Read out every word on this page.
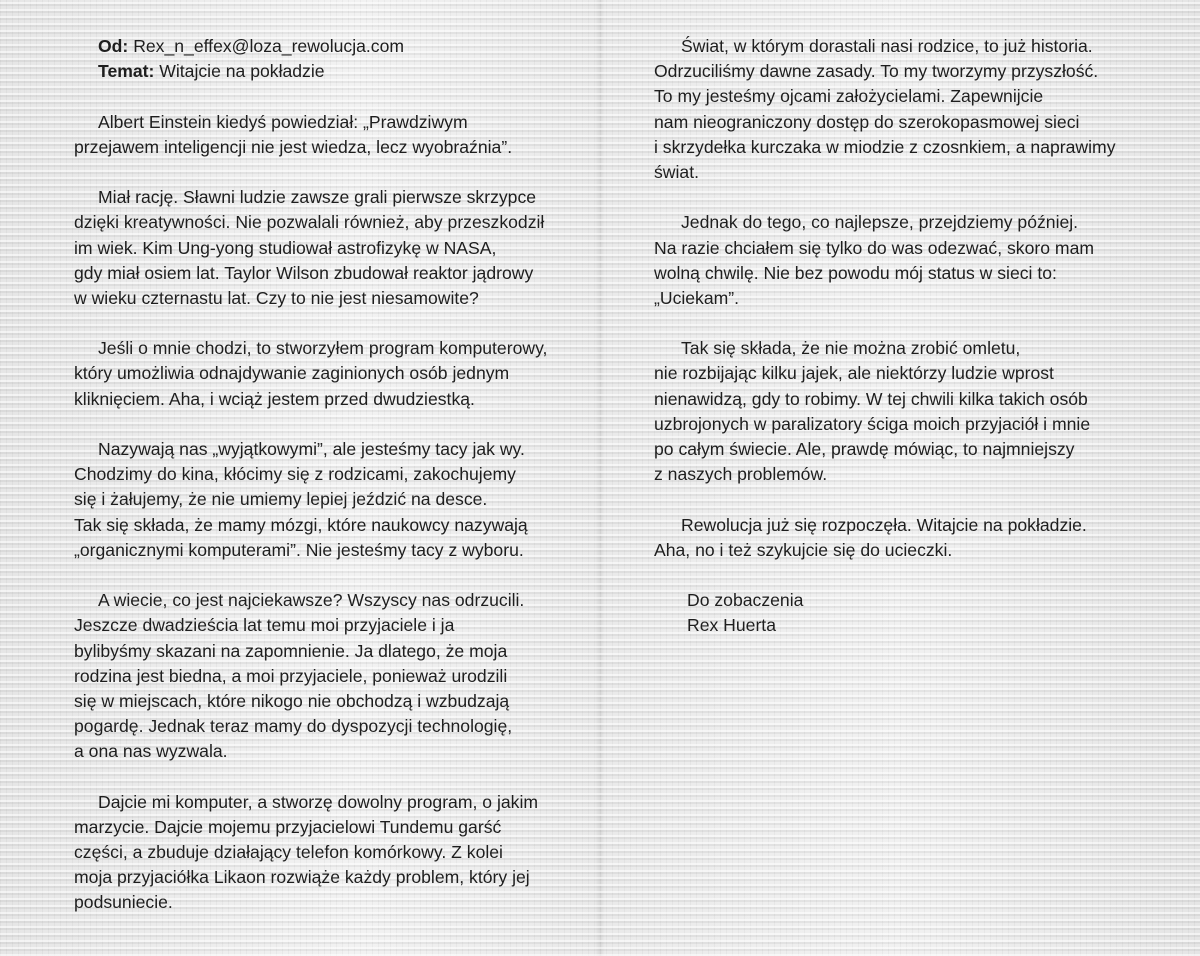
Od: Rex_n_effex@loza_rewolucja.com
Temat: Witajcie na pokładzie
Albert Einstein kiedyś powiedział: „Prawdziwym
przejawem inteligencji nie jest wiedza, lecz wyobraźnia”.
Miał rację. Sławni ludzie zawsze grali pierwsze skrzypce
dzięki kreatywności. Nie pozwalali również, aby przeszkodził
im wiek. Kim Ung-yong studiował astrofizykę w NASA,
gdy miał osiem lat. Taylor Wilson zbudował reaktor jądrowy
w wieku czternastu lat. Czy to nie jest niesamowite?
Jeśli o mnie chodzi, to stworzyłem program komputerowy,
który umożliwia odnajdywanie zaginionych osób jednym
kliknięciem. Aha, i wciąż jestem przed dwudziestką.
Nazywają nas „wyjątkowymi”, ale jesteśmy tacy jak wy.
Chodzimy do kina, kłócimy się z rodzicami, zakochujemy
się i żałujemy, że nie umiemy lepiej jeździć na desce.
Tak się składa, że mamy mózgi, które naukowcy nazywają
„organicznymi komputerami”. Nie jesteśmy tacy z wyboru.
A wiecie, co jest najciekawsze? Wszyscy nas odrzucili.
Jeszcze dwadzieścia lat temu moi przyjaciele i ja
bylibyśmy skazani na zapomnienie. Ja dlatego, że moja
rodzina jest biedna, a moi przyjaciele, ponieważ urodzili
się w miejscach, które nikogo nie obchodzą i wzbudzają
pogardę. Jednak teraz mamy do dyspozycji technologię,
a ona nas wyzwala.
Dajcie mi komputer, a stworzę dowolny program, o jakim
marzycie. Dajcie mojemu przyjacielowi Tundemu garść
części, a zbuduje działający telefon komórkowy. Z kolei
moja przyjaciółka Likaon rozwiąże każdy problem, który jej
podsuniecie.
Świat, w którym dorastali nasi rodzice, to już historia.
Odrzuciliśmy dawne zasady. To my tworzymy przyszłość.
To my jesteśmy ojcami założycielami. Zapewnijcie
nam nieograniczony dostęp do szerokopasmowej sieci
i skrzydełka kurczaka w miodzie z czosnkiem, a naprawimy
świat.
Jednak do tego, co najlepsze, przejdziemy później.
Na razie chciałem się tylko do was odezwać, skoro mam
wolną chwilę. Nie bez powodu mój status w sieci to:
„Uciekam”.
Tak się składa, że nie można zrobić omletu,
nie rozbijając kilku jajek, ale niektórzy ludzie wprost
nienawidzą, gdy to robimy. W tej chwili kilka takich osób
uzbrojonych w paralizatory ściga moich przyjaciół i mnie
po całym świecie. Ale, prawdę mówiąc, to najmniejszy
z naszych problemów.
Rewolucja już się rozpoczęła. Witajcie na pokładzie.
Aha, no i też szykujcie się do ucieczki.
Do zobaczenia
Rex Huerta
